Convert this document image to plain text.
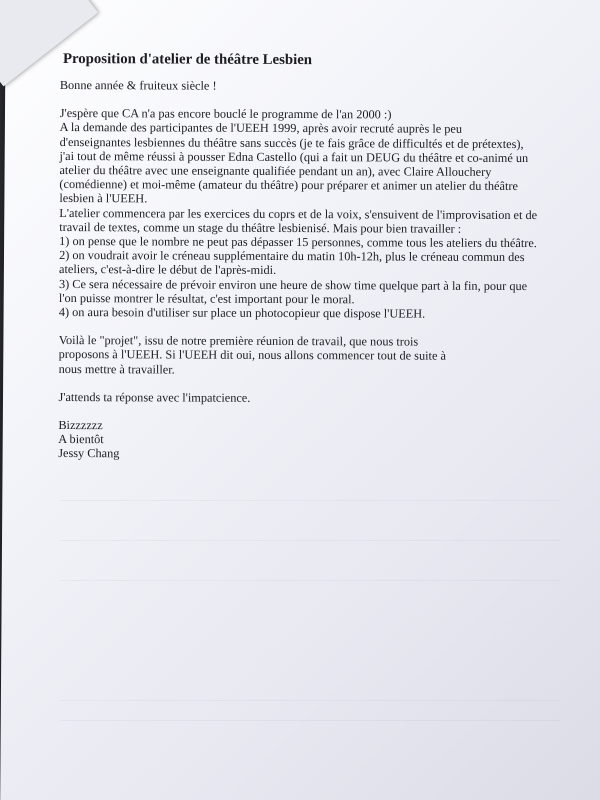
Proposition d'atelier de théâtre Lesbien

Bonne année & fruiteux siècle !

J'espère que CA n'a pas encore bouclé le programme de l'an 2000 :)

A la demande des participantes de l'UEEH 1999, après avoir recruté auprès le peu

d'enseignantes lesbiennes du théâtre sans succès (je te fais grâce de difficultés et de prétextes),

j'ai tout de même réussi à pousser Edna Castello (qui a fait un DEUG du théâtre et co-animé un

atelier du théâtre avec une enseignante qualifiée pendant un an), avec Claire Allouchery

(comédienne) et moi-même (amateur du théâtre) pour préparer et animer un atelier du théâtre

lesbien à l'UEEH.

L'atelier commencera par les exercices du coprs et de la voix, s'ensuivent de l'improvisation et de

travail de textes, comme un stage du théâtre lesbienisé. Mais pour bien travailler :

1) on pense que le nombre ne peut pas dépasser 15 personnes, comme tous les ateliers du théâtre.

2) on voudrait avoir le créneau supplémentaire du matin 10h-12h, plus le créneau commun des

ateliers, c'est-à-dire le début de l'après-midi.

3) Ce sera nécessaire de prévoir environ une heure de show time quelque part à la fin, pour que

l'on puisse montrer le résultat, c'est important pour le moral.

4) on aura besoin d'utiliser sur place un photocopieur que dispose l'UEEH.

Voilà le "projet", issu de notre première réunion de travail, que nous trois

proposons à l'UEEH. Si l'UEEH dit oui, nous allons commencer tout de suite à

nous mettre à travailler.

J'attends ta réponse avec l'impatcience.

Bizzzzzz

A bientôt

Jessy Chang
